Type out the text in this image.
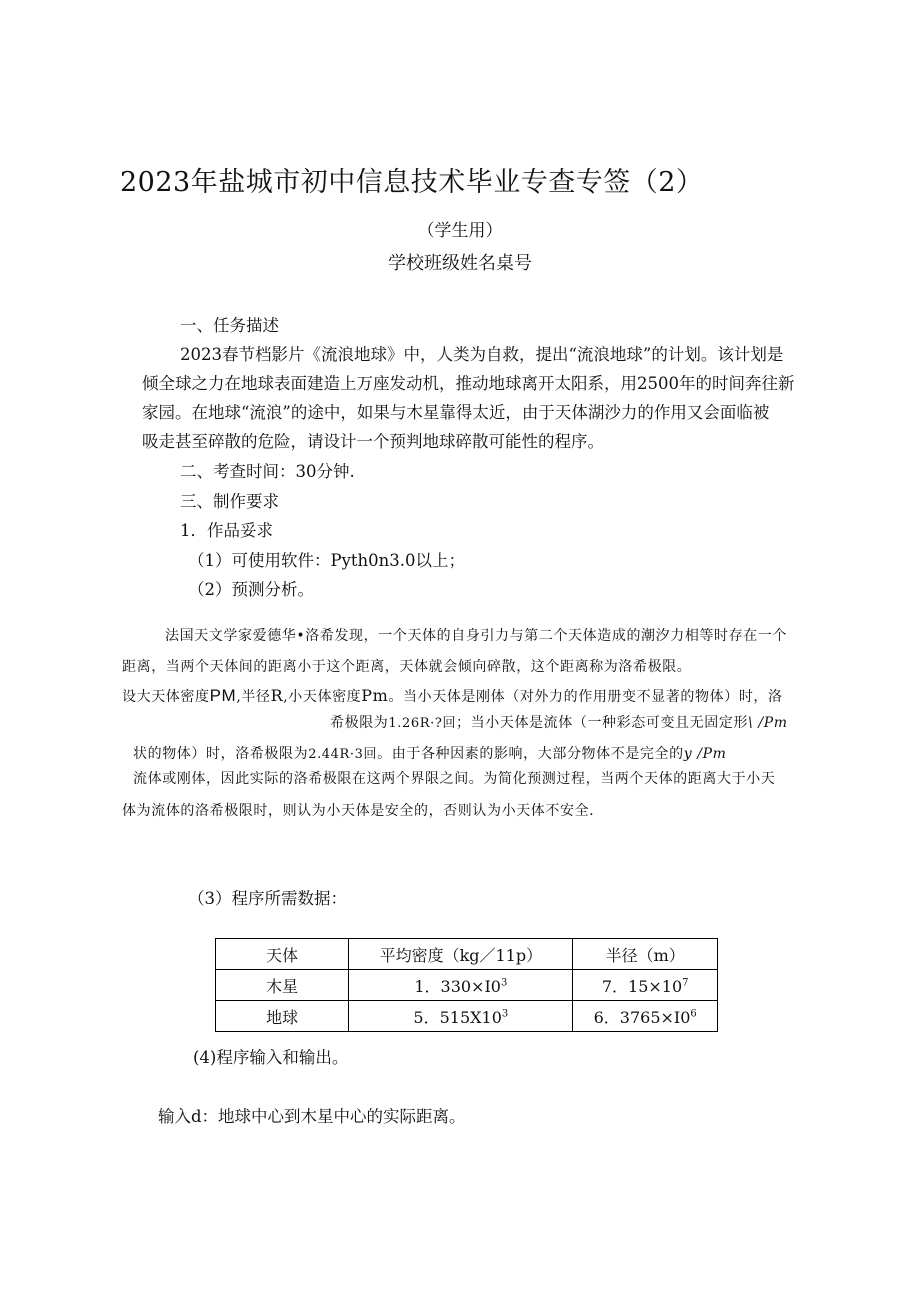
2023年盐城市初中信息技术毕业专查专签（2）
（学生用）
学校班级姓名桌号
一、任务描述
2023春节档影片《流浪地球》中，人类为自救，提出“流浪地球”的计划。该计划是
倾全球之力在地球表面建造上万座发动机，推动地球离开太阳系，用2500年的时间奔往新
家园。在地球“流浪”的途中，如果与木星靠得太近，由于天体湖沙力的作用又会面临被
吸走甚至碎散的危险，请设计一个预判地球碎散可能性的程序。
二、考查时间：30分钟.
三、制作要求
1．作品妥求
（1）可使用软件：Pyth0n3.0以上；
（2）预测分析。
法国天文学家爱德华•洛希发现，一个天体的自身引力与第二个天体造成的潮汐力相等时存在一个
距离，当两个天体间的距离小于这个距离，天体就会倾向碎散，这个距离称为洛希极限。
设大天体密度PM,半径R,小天体密度Pm。当小天体是刚体（对外力的作用册变不显著的物体）时，洛
希极限为1.26R·?回；当小天体是流体（一种彩态可变且无固定形\ /Pm
状的物体）时，洛希极限为2.44R·3回。由于各种因素的影响，大部分物体不是完全的y /Pm
流体或刚体，因此实际的洛希极限在这两个界限之间。为简化预测过程，当两个天体的距离大于小天
体为流体的洛希极限时，则认为小天体是安全的，否则认为小天体不安全．
（3）程序所需数据：
天体	平均密度（kg／11p）	半径（m）
木星	1．$330\times I0^3$	7．$15\times 10^7$
地球	5．$515X10^3$	6．$3765\times I0^6$
(4)程序输入和输出。
输入d：地球中心到木星中心的实际距离。
